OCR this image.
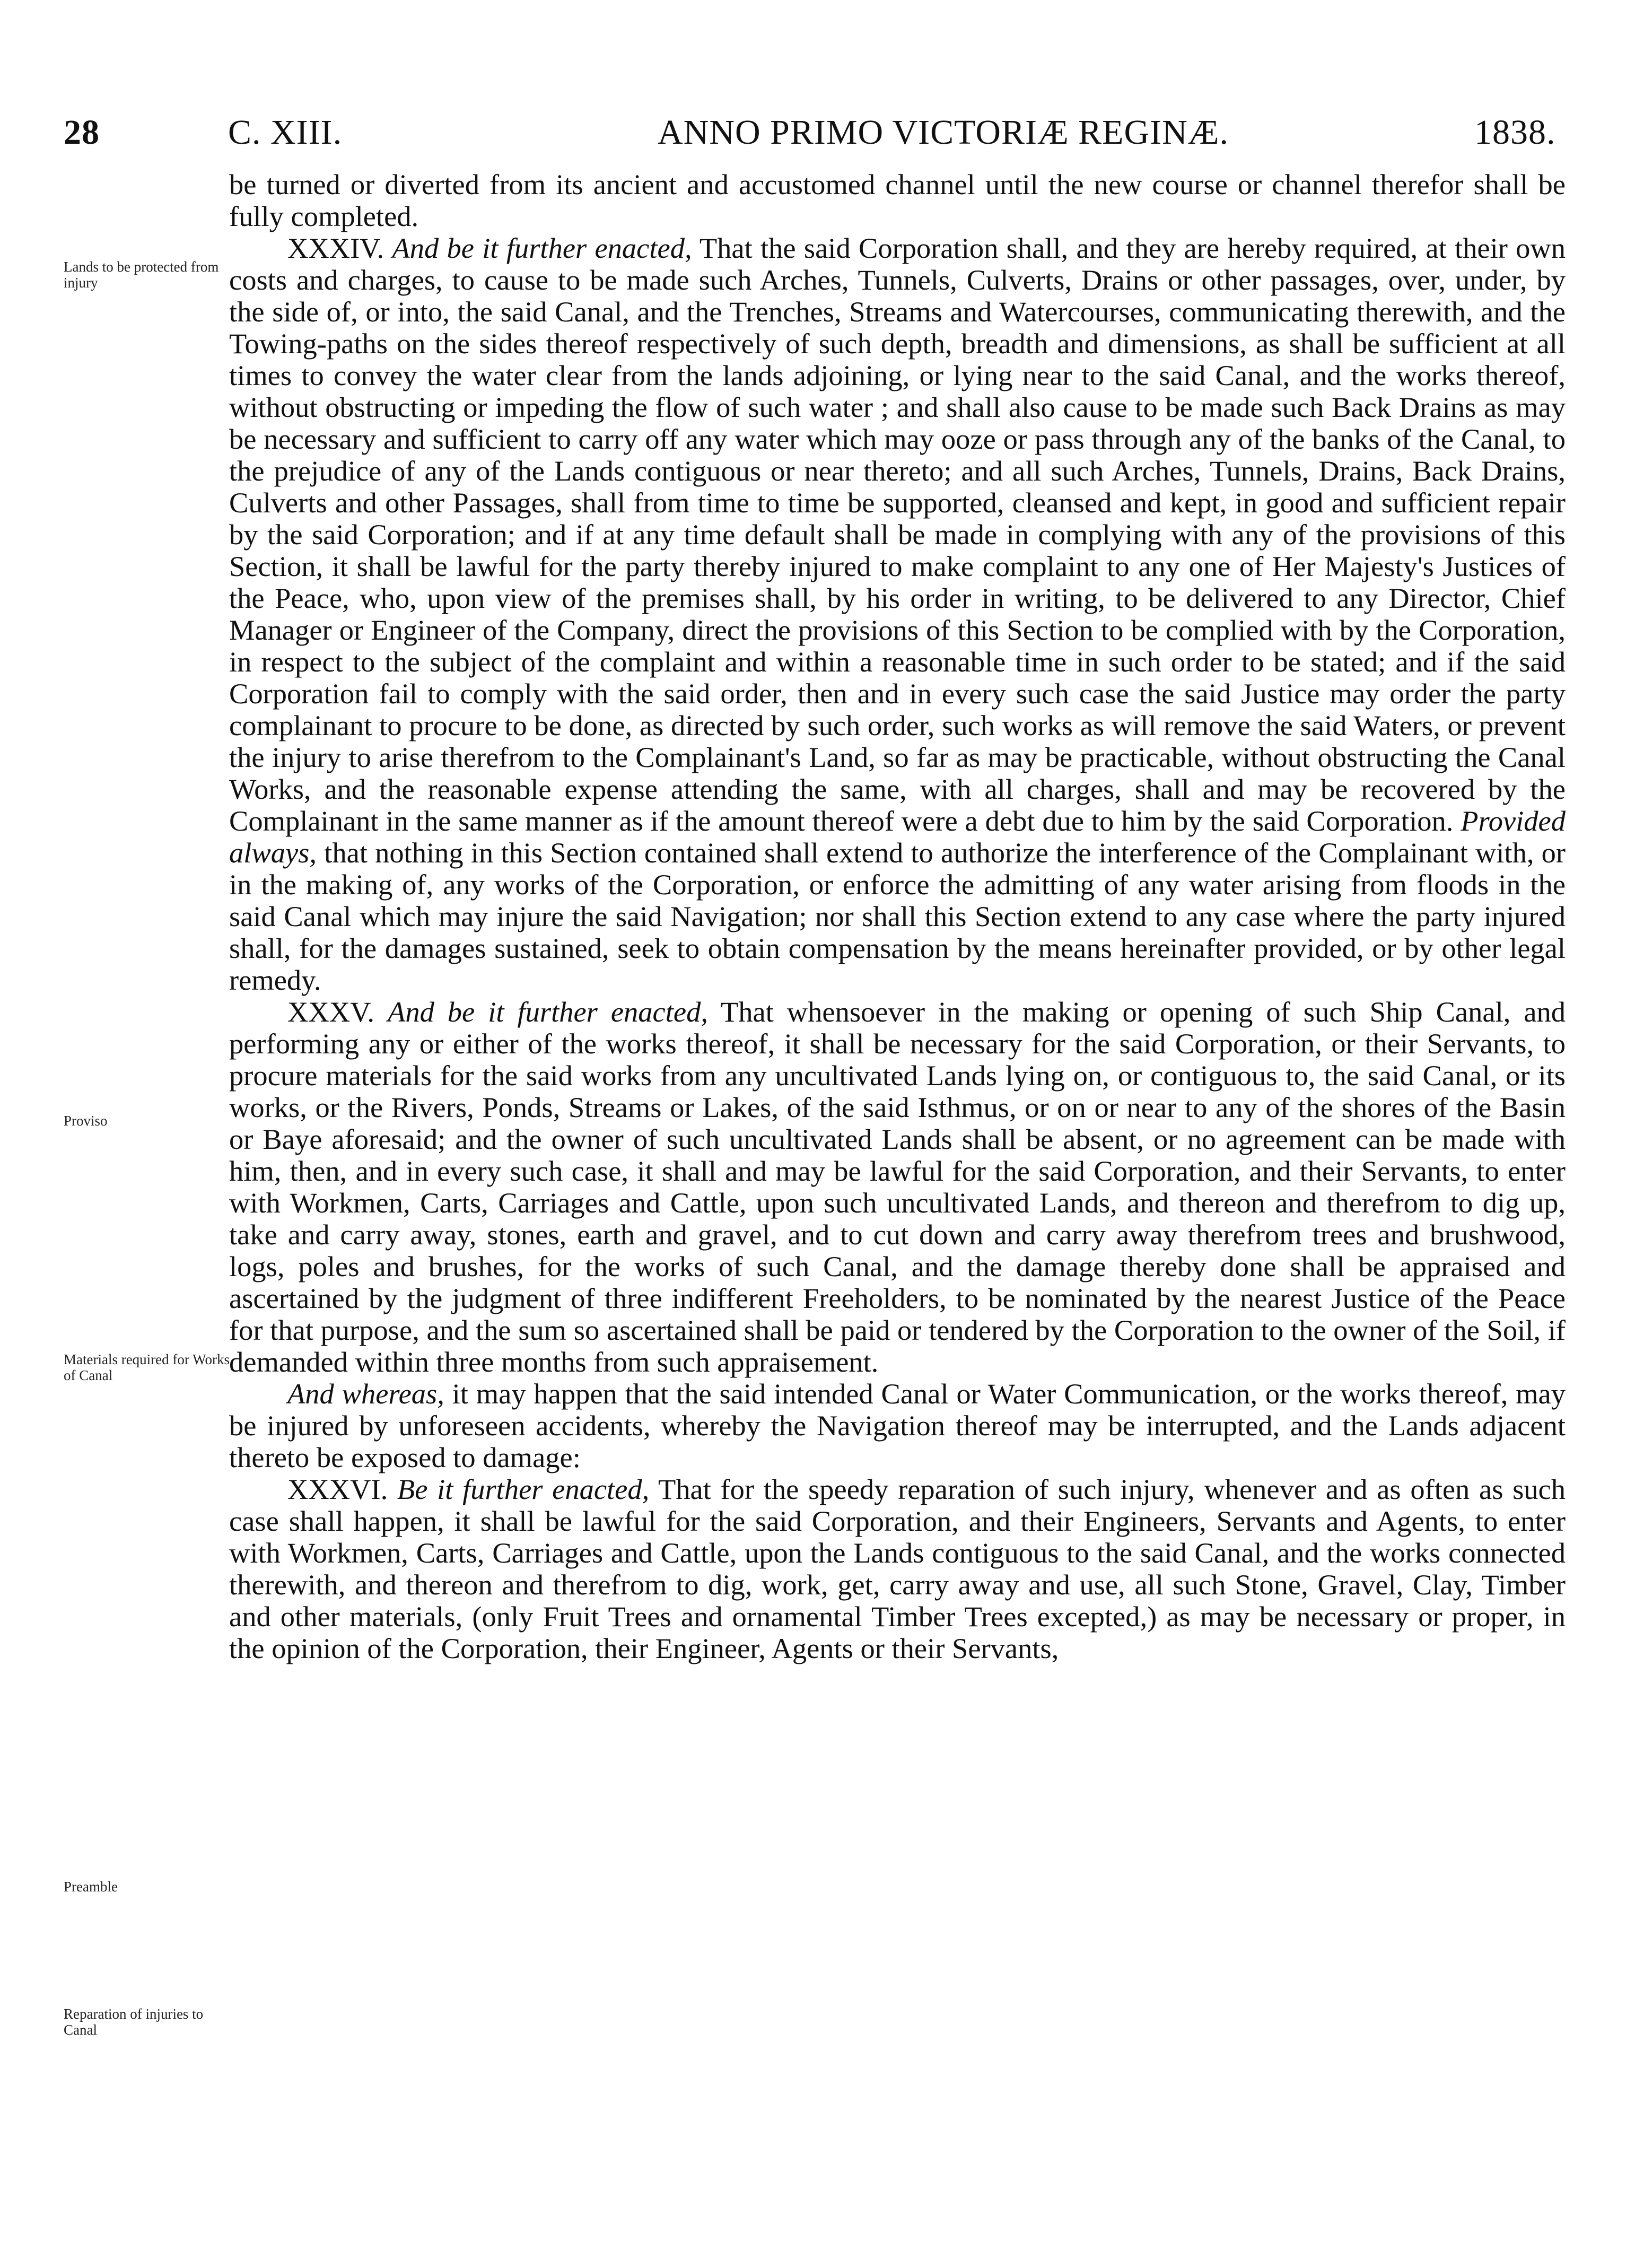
28	C. XIII.	ANNO PRIMO VICTORIÆ REGINÆ.	1838.
Lands to be protected from injury
Proviso
Materials required for Works of Canal
Preamble
Reparation of injuries to Canal

be turned or diverted from its ancient and accustomed channel until the new course or channel therefor shall be fully completed.

XXXIV. And be it further enacted, That the said Corporation shall, and they are hereby required, at their own costs and charges, to cause to be made such Arches, Tunnels, Culverts, Drains or other passages, over, under, by the side of, or into, the said Canal, and the Trenches, Streams and Watercourses, communicating therewith, and the Towing-paths on the sides thereof respectively of such depth, breadth and dimensions, as shall be sufficient at all times to convey the water clear from the lands adjoining, or lying near to the said Canal, and the works thereof, without obstructing or impeding the flow of such water ; and shall also cause to be made such Back Drains as may be necessary and sufficient to carry off any water which may ooze or pass through any of the banks of the Canal, to the prejudice of any of the Lands contiguous or near thereto; and all such Arches, Tunnels, Drains, Back Drains, Culverts and other Passages, shall from time to time be supported, cleansed and kept, in good and sufficient repair by the said Corporation; and if at any time default shall be made in complying with any of the provisions of this Section, it shall be lawful for the party thereby injured to make complaint to any one of Her Majesty's Justices of the Peace, who, upon view of the premises shall, by his order in writing, to be delivered to any Director, Chief Manager or Engineer of the Company, direct the provisions of this Section to be complied with by the Corporation, in respect to the subject of the complaint and within a reasonable time in such order to be stated; and if the said Corporation fail to comply with the said order, then and in every such case the said Justice may order the party complainant to procure to be done, as directed by such order, such works as will remove the said Waters, or prevent the injury to arise therefrom to the Complainant's Land, so far as may be practicable, without obstructing the Canal Works, and the reasonable expense attending the same, with all charges, shall and may be recovered by the Complainant in the same manner as if the amount thereof were a debt due to him by the said Corporation. Provided always, that nothing in this Section contained shall extend to authorize the interference of the Complainant with, or in the making of, any works of the Corporation, or enforce the admitting of any water arising from floods in the said Canal which may injure the said Navigation; nor shall this Section extend to any case where the party injured shall, for the damages sustained, seek to obtain compensation by the means hereinafter provided, or by other legal remedy.

XXXV. And be it further enacted, That whensoever in the making or opening of such Ship Canal, and performing any or either of the works thereof, it shall be necessary for the said Corporation, or their Servants, to procure materials for the said works from any uncultivated Lands lying on, or contiguous to, the said Canal, or its works, or the Rivers, Ponds, Streams or Lakes, of the said Isthmus, or on or near to any of the shores of the Basin or Baye aforesaid; and the owner of such uncultivated Lands shall be absent, or no agreement can be made with him, then, and in every such case, it shall and may be lawful for the said Corporation, and their Servants, to enter with Workmen, Carts, Carriages and Cattle, upon such uncultivated Lands, and thereon and therefrom to dig up, take and carry away, stones, earth and gravel, and to cut down and carry away therefrom trees and brushwood, logs, poles and brushes, for the works of such Canal, and the damage thereby done shall be appraised and ascertained by the judgment of three indifferent Freeholders, to be nominated by the nearest Justice of the Peace for that purpose, and the sum so ascertained shall be paid or tendered by the Corporation to the owner of the Soil, if demanded within three months from such appraisement.

And whereas, it may happen that the said intended Canal or Water Communication, or the works thereof, may be injured by unforeseen accidents, whereby the Navigation thereof may be interrupted, and the Lands adjacent thereto be exposed to damage:

XXXVI. Be it further enacted, That for the speedy reparation of such injury, whenever and as often as such case shall happen, it shall be lawful for the said Corporation, and their Engineers, Servants and Agents, to enter with Workmen, Carts, Carriages and Cattle, upon the Lands contiguous to the said Canal, and the works connected therewith, and thereon and therefrom to dig, work, get, carry away and use, all such Stone, Gravel, Clay, Timber and other materials, (only Fruit Trees and ornamental Timber Trees excepted,) as may be necessary or proper, in the opinion of the Corporation, their Engineer, Agents or their Servants,
